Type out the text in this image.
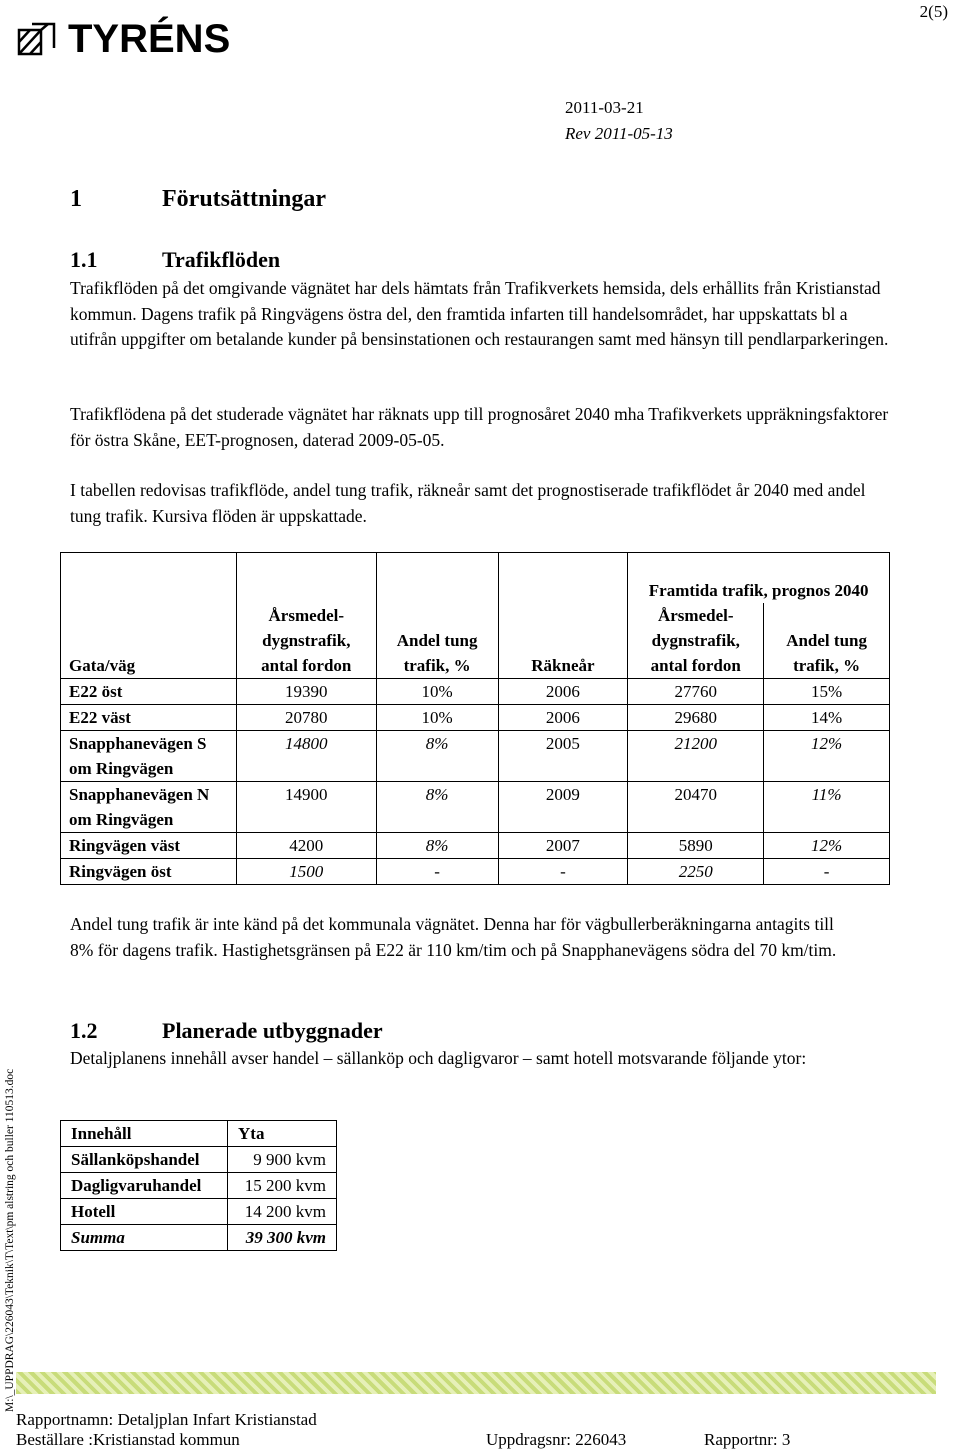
2(5)
TYRÉNS
2011-03-21
Rev 2011-05-13
1	Förutsättningar
1.1	Trafikflöden

Trafikflöden på det omgivande vägnätet har dels hämtats från Trafikverkets hemsida, dels erhållits från Kristianstad kommun. Dagens trafik på Ringvägens östra del, den framtida infarten till handelsområdet, har uppskattats bl a utifrån uppgifter om betalande kunder på bensinstationen och restaurangen samt med hänsyn till pendlarparkeringen.

Trafikflödena på det studerade vägnätet har räknats upp till prognosåret 2040 mha Trafikverkets uppräkningsfaktorer för östra Skåne, EET-prognosen, daterad 2009-05-05.

I tabellen redovisas trafikflöde, andel tung trafik, räkneår samt det prognostiserade trafikflödet år 2040 med andel tung trafik. Kursiva flöden är uppskattade.

Gata/väg	Årsmedel-dygnstrafik, antal fordon	Andel tung trafik, %	Räkneår	Framtida trafik, prognos 2040	
				Årsmedel-dygnstrafik, antal fordon	Andel tung trafik, %
E22 öst	19390	10%	2006	27760	15%
E22 väst	20780	10%	2006	29680	14%
Snapphanevägen S om Ringvägen	14800	8%	2005	21200	12%
Snapphanevägen N om Ringvägen	14900	8%	2009	20470	11%
Ringvägen väst	4200	8%	2007	5890	12%
Ringvägen öst	1500	-	-	2250	-

Andel tung trafik är inte känd på det kommunala vägnätet. Denna har för vägbullerberäkningarna antagits till 8% för dagens trafik. Hastighetsgränsen på E22 är 110 km/tim och på Snapphanevägens södra del 70 km/tim.

1.2	Planerade utbyggnader

Detaljplanens innehåll avser handel – sällanköp och dagligvaror – samt hotell motsvarande följande ytor:

Innehåll	Yta
Sällanköpshandel	9 900 kvm
Dagligvaruhandel	15 200 kvm
Hotell	14 200 kvm
Summa	39 300 kvm
M:\_UPPDRAG\226043\Teknik\T\Text\pm alstring och buller 110513.doc
Rapportnamn: Detaljplan Infart Kristianstad
Beställare :Kristianstad kommun	Uppdragsnr: 226043	Rapportnr: 3
